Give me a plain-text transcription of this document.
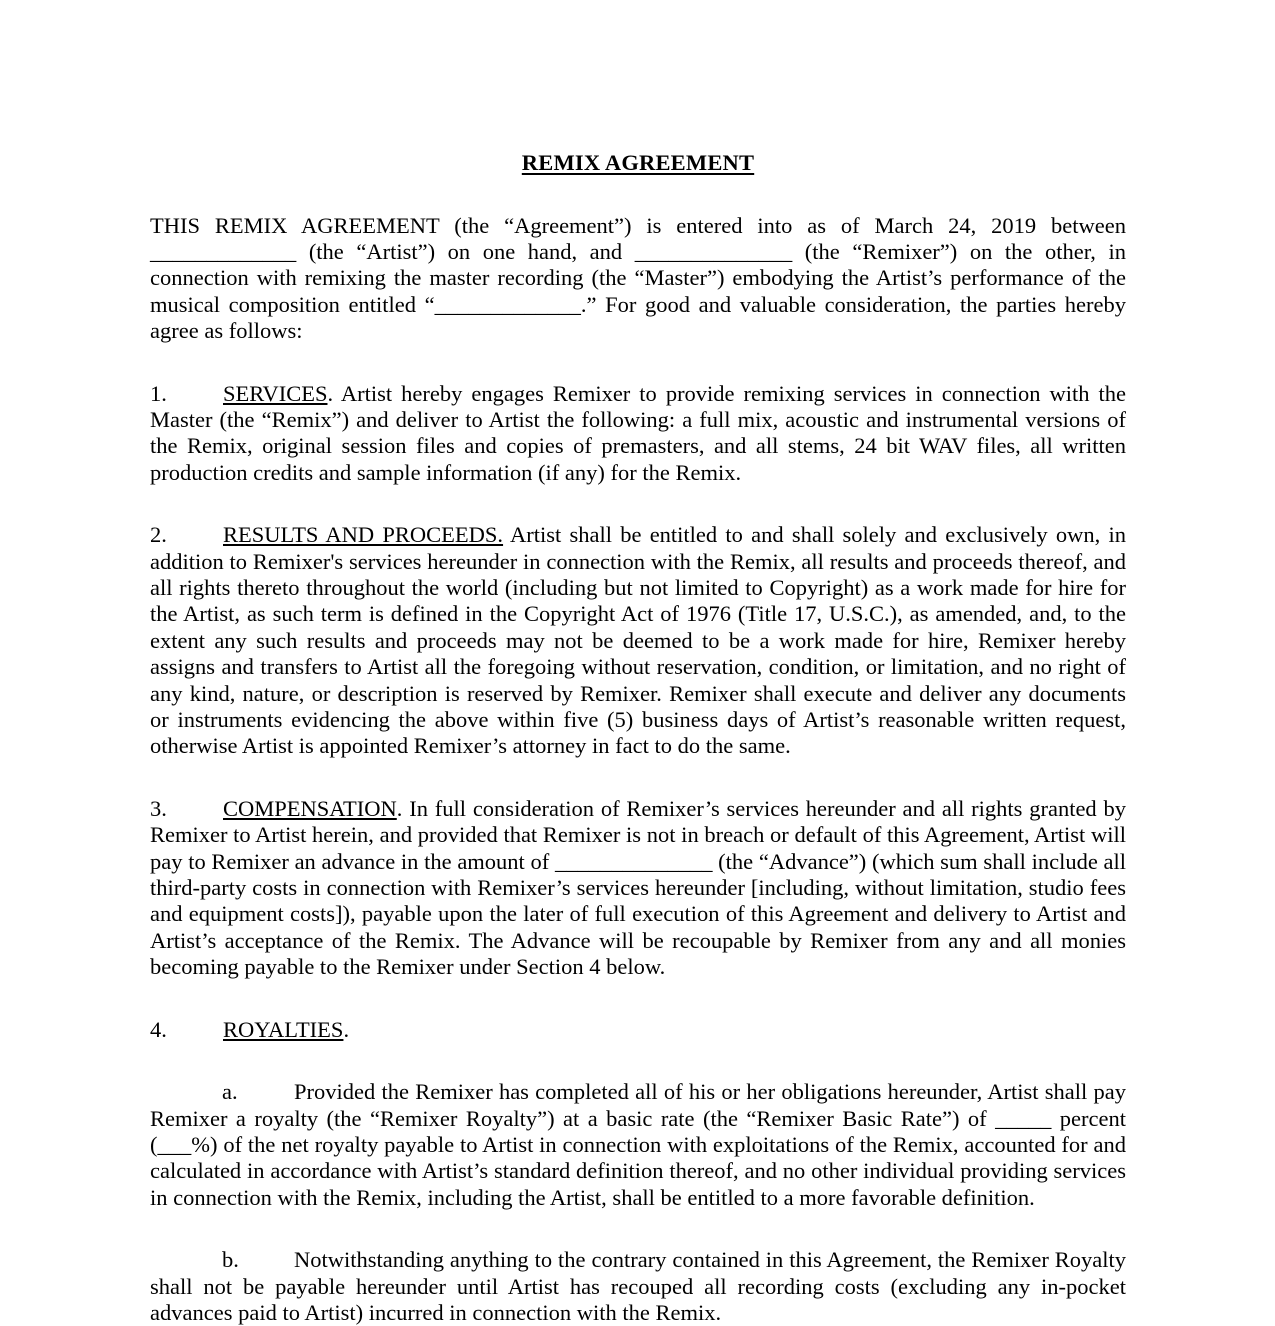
REMIX AGREEMENT

THIS REMIX AGREEMENT (the “Agreement”) is entered into as of March 24, 2019 between _____________ (the “Artist”) on one hand, and ______________ (the “Remixer”) on the other, in connection with remixing the master recording (the “Master”) embodying the Artist’s performance of the musical composition entitled “_____________.” For good and valuable consideration, the parties hereby agree as follows:

1. SERVICES. Artist hereby engages Remixer to provide remixing services in connection with the Master (the “Remix”) and deliver to Artist the following: a full mix, acoustic and instrumental versions of the Remix, original session files and copies of premasters, and all stems, 24 bit WAV files, all written production credits and sample information (if any) for the Remix.

2. RESULTS AND PROCEEDS. Artist shall be entitled to and shall solely and exclusively own, in addition to Remixer's services hereunder in connection with the Remix, all results and proceeds thereof, and all rights thereto throughout the world (including but not limited to Copyright) as a work made for hire for the Artist, as such term is defined in the Copyright Act of 1976 (Title 17, U.S.C.), as amended, and, to the extent any such results and proceeds may not be deemed to be a work made for hire, Remixer hereby assigns and transfers to Artist all the foregoing without reservation, condition, or limitation, and no right of any kind, nature, or description is reserved by Remixer. Remixer shall execute and deliver any documents or instruments evidencing the above within five (5) business days of Artist’s reasonable written request, otherwise Artist is appointed Remixer’s attorney in fact to do the same.

3. COMPENSATION. In full consideration of Remixer’s services hereunder and all rights granted by Remixer to Artist herein, and provided that Remixer is not in breach or default of this Agreement, Artist will pay to Remixer an advance in the amount of ______________ (the “Advance”) (which sum shall include all third-party costs in connection with Remixer’s services hereunder [including, without limitation, studio fees and equipment costs]), payable upon the later of full execution of this Agreement and delivery to Artist and Artist’s acceptance of the Remix. The Advance will be recoupable by Remixer from any and all monies becoming payable to the Remixer under Section 4 below.

4. ROYALTIES.

a.	Provided the Remixer has completed all of his or her obligations hereunder, Artist shall pay Remixer a royalty (the “Remixer Royalty”) at a basic rate (the “Remixer Basic Rate”) of _____ percent (___%) of the net royalty payable to Artist in connection with exploitations of the Remix, accounted for and calculated in accordance with Artist’s standard definition thereof, and no other individual providing services in connection with the Remix, including the Artist, shall be entitled to a more favorable definition.

b. Notwithstanding anything to the contrary contained in this Agreement, the Remixer Royalty shall not be payable hereunder until Artist has recouped all recording costs (excluding any in-pocket advances paid to Artist) incurred in connection with the Remix.
